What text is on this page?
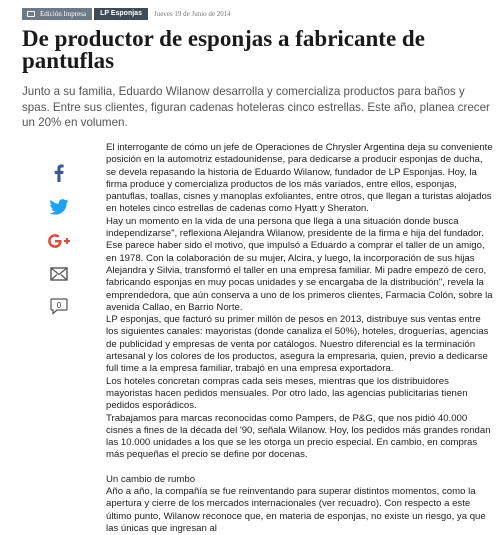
Edición Impresa	LP Esponjas	Jueves 19 de Junio de 2014
De productor de esponjas a fabricante de pantuflas

Junto a su familia, Eduardo Wilanow desarrolla y comercializa productos para baños y spas. Entre sus clientes, figuran cadenas hoteleras cinco estrellas. Este año, planea crecer un 20% en volumen.

0

El interrogante de cómo un jefe de Operaciones de Chrysler Argentina deja su conveniente posición en la automotriz estadounidense, para dedicarse a producir esponjas de ducha, se devela repasando la historia de Eduardo Wilanow, fundador de LP Esponjas. Hoy, la firma produce y comercializa productos de los más variados, entre ellos, esponjas, pantuflas, toallas, cisnes y manoplas exfoliantes, entre otros, que llegan a turistas alojados en hoteles cinco estrellas de cadenas como Hyatt y Sheraton.

Hay un momento en la vida de una persona que llega a una situación donde busca independizarse", reflexiona Alejandra Wilanow, presidente de la firma e hija del fundador. Ese parece haber sido el motivo, que impulsó a Eduardo a comprar el taller de un amigo, en 1978. Con la colaboración de su mujer, Alcira, y luego, la incorporación de sus hijas Alejandra y Silvia, transformó el taller en una empresa familiar. Mi padre empezó de cero, fabricando esponjas en muy pocas unidades y se encargaba de la distribución", revela la emprendedora, que aún conserva a uno de los primeros clientes, Farmacia Colón, sobre la avenida Callao, en Barrio Norte.

LP esponjas, que facturó su primer millón de pesos en 2013, distribuye sus ventas entre los siguientes canales: mayoristas (donde canaliza el 50%), hoteles, droguerías, agencias de publicidad y empresas de venta por catálogos. Nuestro diferencial es la terminación artesanal y los colores de los productos, asegura la empresaria, quien, previo a dedicarse full time a la empresa familiar, trabajó en una empresa exportadora.

Los hoteles concretan compras cada seis meses, mientras que los distribuidores mayoristas hacen pedidos mensuales. Por otro lado, las agencias publicitarias tienen pedidos esporádicos.

Trabajamos para marcas reconocidas como Pampers, de P&G, que nos pidió 40.000 cisnes a fines de la década del '90, señala Wilanow. Hoy, los pedidos más grandes rondan las 10.000 unidades a los que se les otorga un precio especial. En cambio, en compras más pequeñas el precio se define por docenas.

Un cambio de rumbo

Año a año, la compañía se fue reinventando para superar distintos momentos, como la apertura y cierre de los mercados internacionales (ver recuadro). Con respecto a este último punto, Wilanow reconoce que, en materia de esponjas, no existe un riesgo, ya que las únicas que ingresan al
